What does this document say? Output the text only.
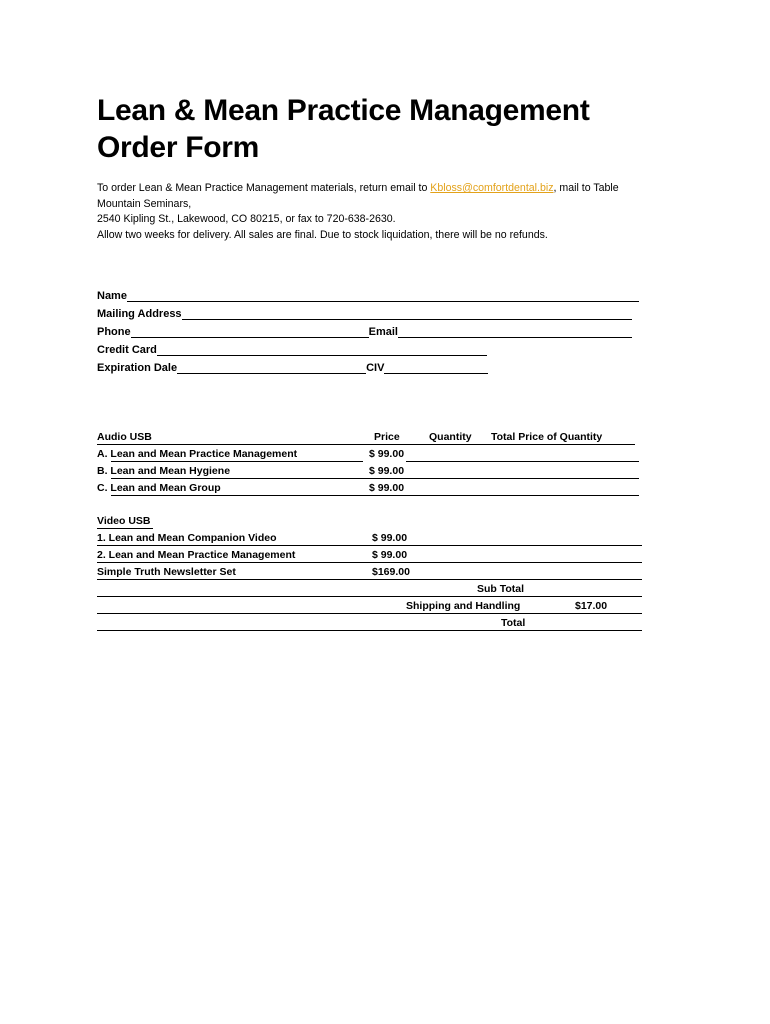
Lean & Mean Practice Management
Order Form

To order Lean & Mean Practice Management materials, return email to Kbloss@comfortdental.biz, mail to Table

Mountain Seminars,

2540 Kipling St., Lakewood, CO 80215, or fax to 720-638-2630.

Allow two weeks for delivery. All sales are final. Due to stock liquidation, there will be no refunds.

Name
Mailing Address
Phone	Email
Credit Card
Expiration Dale	CIV
Audio USB	Price	Quantity Total Price of Quantity
A. Lean and Mean Practice Management	$ 99.00
B. Lean and Mean Hygiene	$ 99.00
C. Lean and Mean Group	$ 99.00
Video USB
1. Lean and Mean Companion Video	$ 99.00
2. Lean and Mean Practice Management	$ 99.00
Simple Truth Newsletter Set	$169.00
Sub Total
Shipping and Handling	$17.00
Total
